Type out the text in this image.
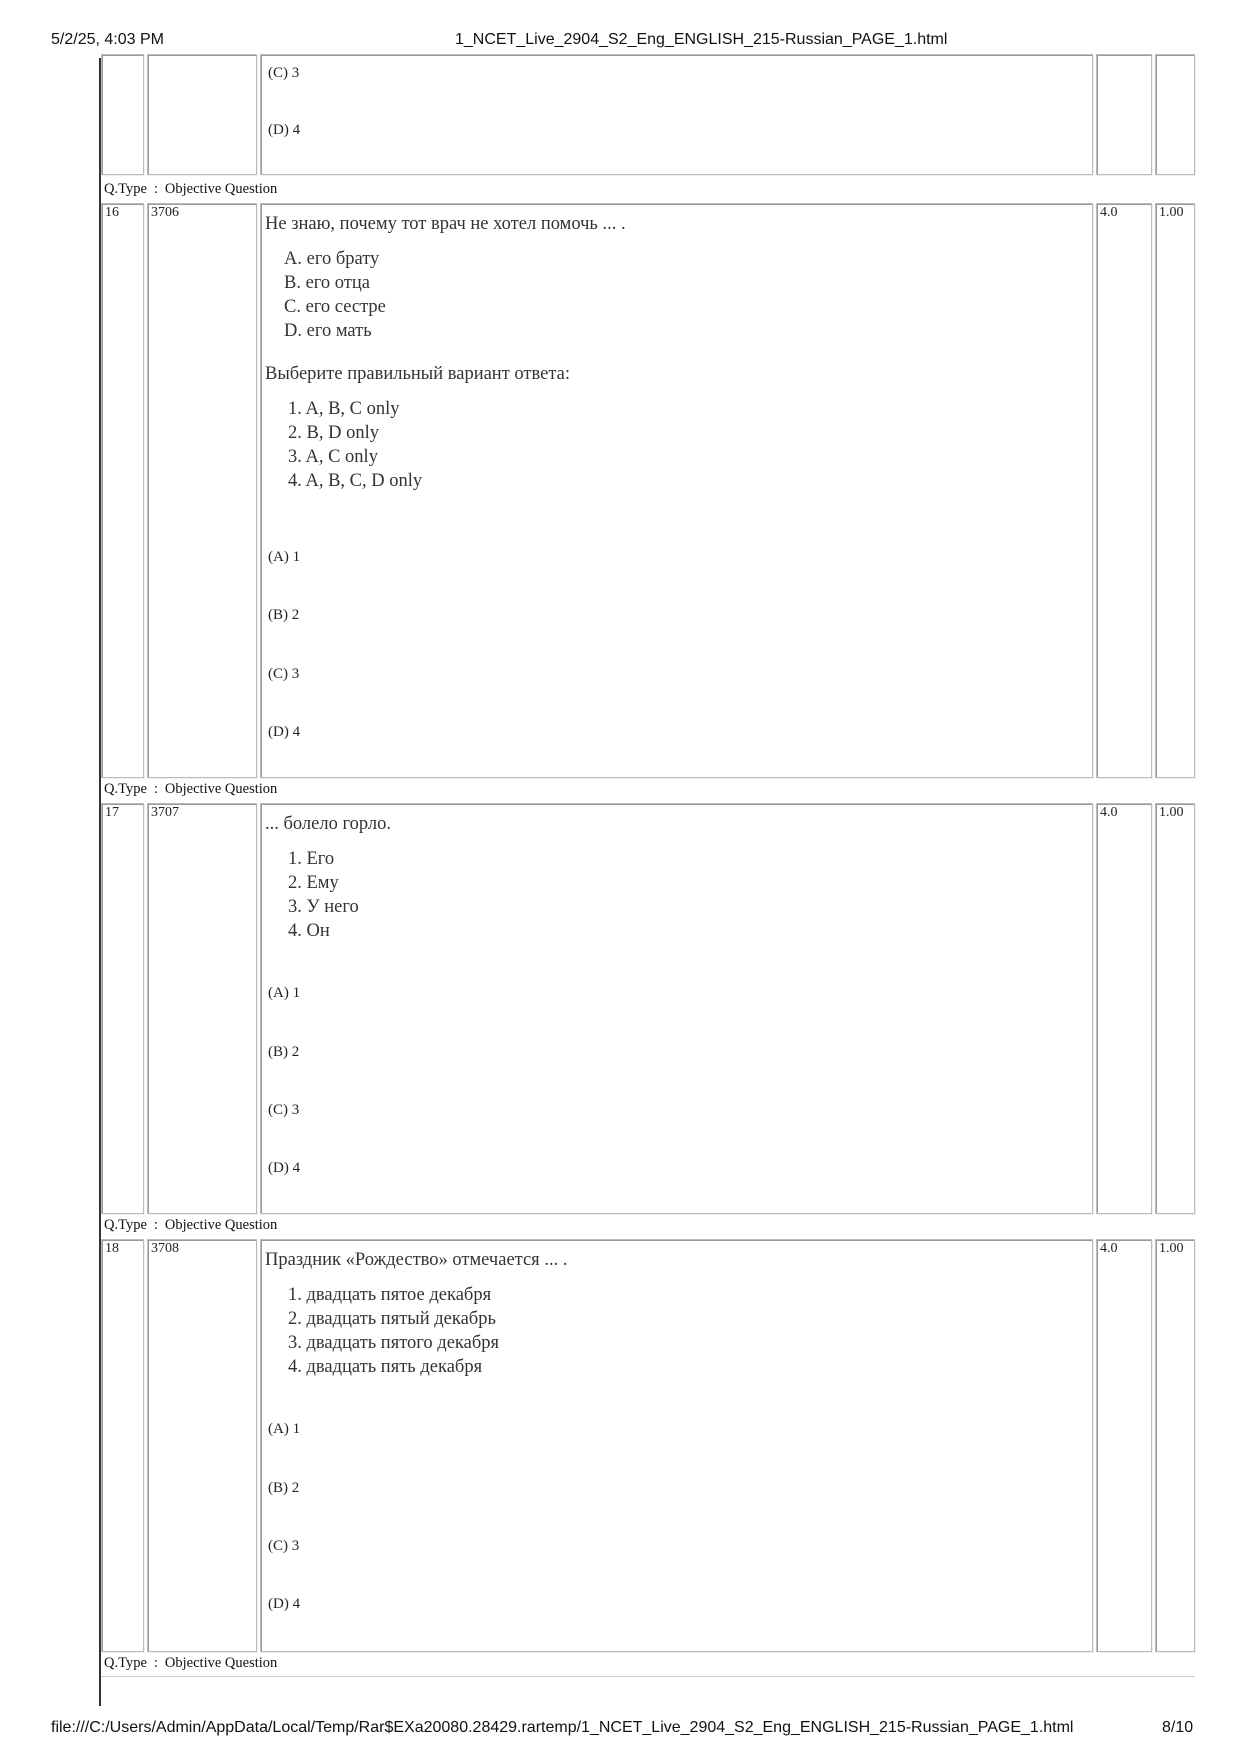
5/2/25, 4:03 PM	1_NCET_Live_2904_S2_Eng_ENGLISH_215-Russian_PAGE_1.html
(C) 3
(D) 4
Q.Type : Objective Question
16	3706

Не знаю, почему тот врач не хотел помочь ... .

A. его брату
B. его отца
C. его сестре
D. его мать

Выберите правильный вариант ответа:

1. A, B, C only
2. B, D only
3. A, C only
4. A, B, C, D only
(A) 1
(B) 2
(C) 3
(D) 4
4.0	1.00
Q.Type : Objective Question
17	3707

... болело горло.

1. Его
2. Ему
3. У него
4. Он
(A) 1
(B) 2
(C) 3
(D) 4
4.0	1.00
Q.Type : Objective Question
18	3708

Праздник «Рождество» отмечается ... .

1. двадцать пятое декабря
2. двадцать пятый декабрь
3. двадцать пятого декабря
4. двадцать пять декабря
(A) 1
(B) 2
(C) 3
(D) 4
4.0	1.00
Q.Type : Objective Question
file:///C:/Users/Admin/AppData/Local/Temp/Rar$EXa20080.28429.rartemp/1_NCET_Live_2904_S2_Eng_ENGLISH_215-Russian_PAGE_1.html	8/10
